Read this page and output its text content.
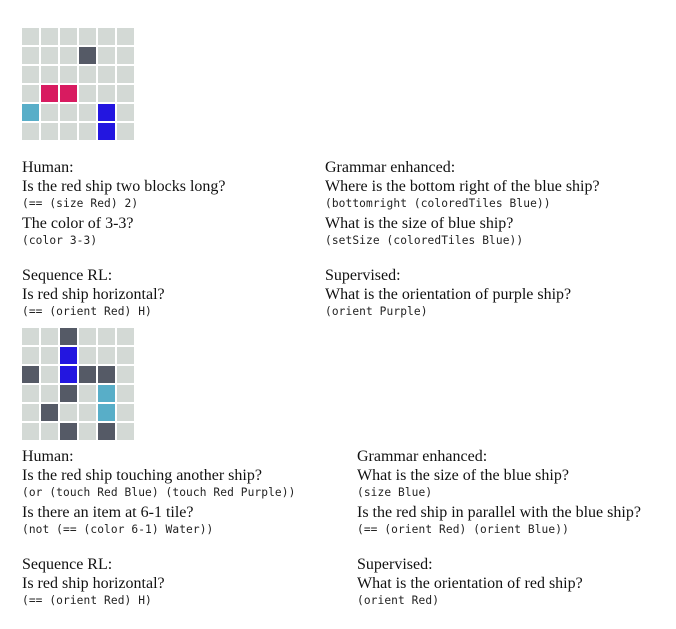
Human:
Is the red ship two blocks long?
(== (size Red) 2)
The color of 3-3?
(color 3-3)
Grammar enhanced:
Where is the bottom right of the blue ship?
(bottomright (coloredTiles Blue))
What is the size of blue ship?
(setSize (coloredTiles Blue))
Sequence RL:
Is red ship horizontal?
(== (orient Red) H)
Supervised:
What is the orientation of purple ship?
(orient Purple)
Human:
Is the red ship touching another ship?
(or (touch Red Blue) (touch Red Purple))
Is there an item at 6-1 tile?
(not (== (color 6-1) Water))
Grammar enhanced:
What is the size of the blue ship?
(size Blue)
Is the red ship in parallel with the blue ship?
(== (orient Red) (orient Blue))
Sequence RL:
Is red ship horizontal?
(== (orient Red) H)
Supervised:
What is the orientation of red ship?
(orient Red)
